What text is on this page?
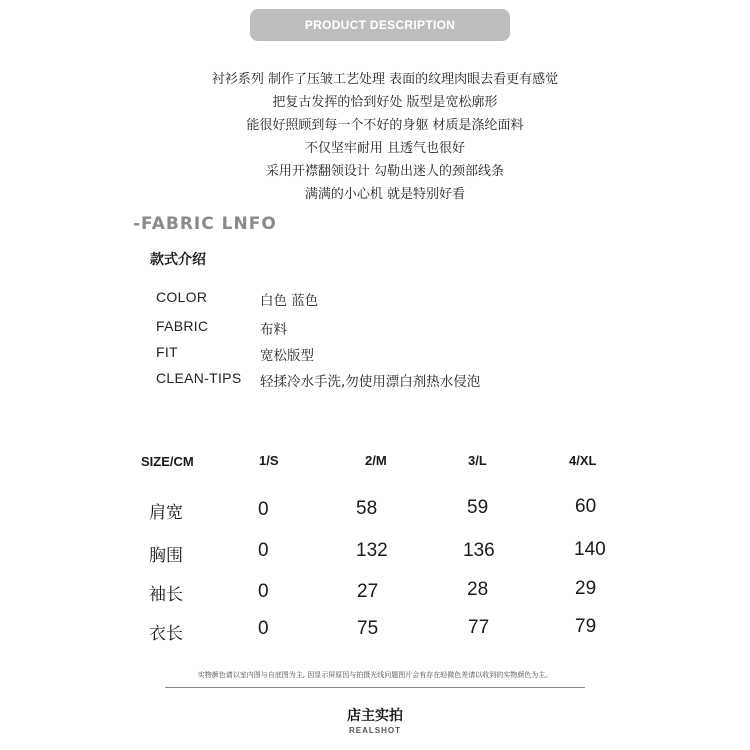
PRODUCT DESCRIPTION
衬衫系列 制作了压皱工艺处理 表面的纹理肉眼去看更有感觉
把复古发挥的恰到好处 版型是宽松廓形
能很好照顾到每一个不好的身躯 材质是涤纶面料
不仅坚牢耐用 且透气也很好
采用开襟翻领设计 勾勒出迷人的颈部线条
满满的小心机 就是特别好看
-FABRIC LNFO
款式介绍
COLOR	白色 蓝色
FABRIC	布料
FIT	宽松版型
CLEAN-TIPS 轻揉冷水手洗,勿使用漂白剂热水侵泡
SIZE/CM	1/S	2/M	3/L	4/XL
肩宽	0	58	59	60
胸围	0	132	136	140
袖长	0	27	28	29
衣长	0	75	77	79
实物颜色请以室内图与自底图为主, 因显示屏原因与拍摄光线问题图片会有存在轻微色差请以收到的实物颜色为主。
店主实拍
REALSHOT
